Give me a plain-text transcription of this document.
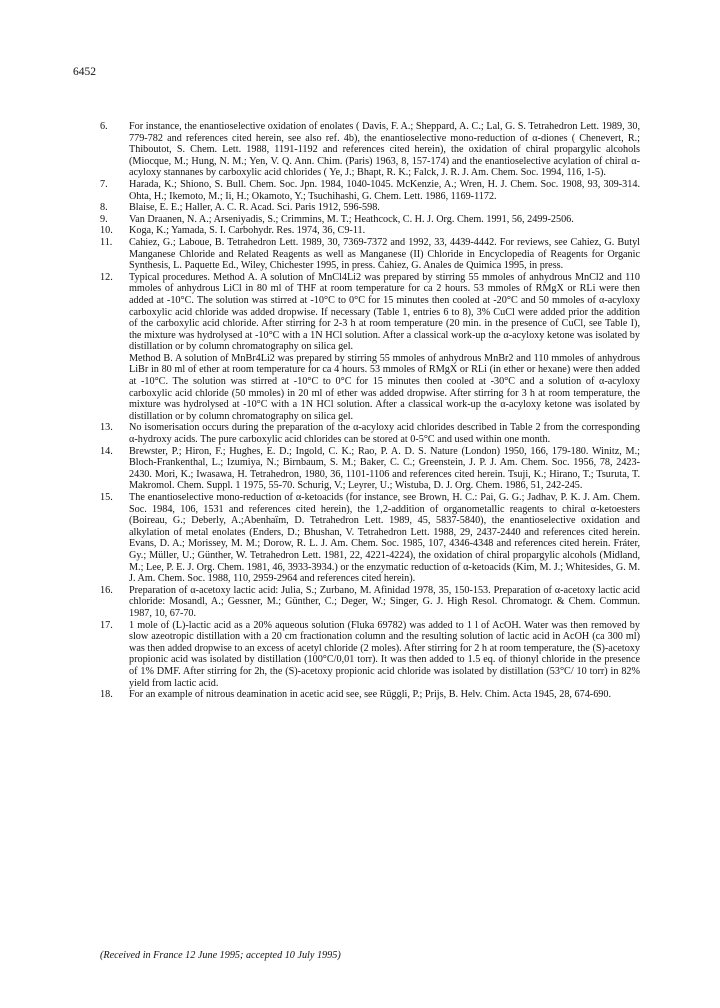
6452
6.	For instance, the enantioselective oxidation of enolates ( Davis, F. A.; Sheppard, A. C.; Lal, G. S. Tetrahedron Lett. 1989, 30, 779-782 and references cited herein, see also ref. 4b), the enantioselective mono-reduction of α-diones ( Chenevert, R.; Thiboutot, S. Chem. Lett. 1988, 1191-1192 and references cited herein), the oxidation of chiral propargylic alcohols (Miocque, M.; Hung, N. M.; Yen, V. Q. Ann. Chim. (Paris) 1963, 8, 157-174) and the enantioselective acylation of chiral α-acyloxy stannanes by carboxylic acid chlorides ( Ye, J.; Bhapt, R. K.; Falck, J. R. J. Am. Chem. Soc. 1994, 116, 1-5).

7.	Harada, K.; Shiono, S. Bull. Chem. Soc. Jpn. 1984, 1040-1045. McKenzie, A.; Wren, H. J. Chem. Soc. 1908, 93, 309-314. Ohta, H.; Ikemoto, M.; Ii, H.; Okamoto, Y.; Tsuchihashi, G. Chem. Lett. 1986, 1169-1172.

8.	Blaise, E. E.; Haller, A. C. R. Acad. Sci. Paris 1912, 596-598.

9.	Van Draanen, N. A.; Arseniyadis, S.; Crimmins, M. T.; Heathcock, C. H. J. Org. Chem. 1991, 56, 2499-2506.

10.	Koga, K.; Yamada, S. I. Carbohydr. Res. 1974, 36, C9-11.

11.	Cahiez, G.; Laboue, B. Tetrahedron Lett. 1989, 30, 7369-7372 and 1992, 33, 4439-4442. For reviews, see Cahiez, G. Butyl Manganese Chloride and Related Reagents as well as Manganese (II) Chloride in Encyclopedia of Reagents for Organic Synthesis, L. Paquette Ed., Wiley, Chichester 1995, in press. Cahiez, G. Anales de Quimica 1995, in press.

12.	Typical procedures. Method A. A solution of MnCl4Li2 was prepared by stirring 55 mmoles of anhydrous MnCl2 and 110 mmoles of anhydrous LiCl in 80 ml of THF at room temperature for ca 2 hours. 53 mmoles of RMgX or RLi were then added at -10°C. The solution was stirred at -10°C to 0°C for 15 minutes then cooled at -20°C and 50 mmoles of α-acyloxy carboxylic acid chloride was added dropwise. If necessary (Table 1, entries 6 to 8), 3% CuCl were added prior the addition of the carboxylic acid chloride. After stirring for 2-3 h at room temperature (20 min. in the presence of CuCl, see Table I), the mixture was hydrolysed at -10°C with a 1N HCl solution. After a classical work-up the α-acyloxy ketone was isolated by distillation or by column chromatography on silica gel.

Method B. A solution of MnBr4Li2 was prepared by stirring 55 mmoles of anhydrous MnBr2 and 110 mmoles of anhydrous LiBr in 80 ml of ether at room temperature for ca 4 hours. 53 mmoles of RMgX or RLi (in ether or hexane) were then added at -10°C. The solution was stirred at -10°C to 0°C for 15 minutes then cooled at -30°C and a solution of α-acyloxy carboxylic acid chloride (50 mmoles) in 20 ml of ether was added dropwise. After stirring for 3 h at room temperature, the mixture was hydrolysed at -10°C with a 1N HCl solution. After a classical work-up the α-acyloxy ketone was isolated by distillation or by column chromatography on silica gel.

13.	No isomerisation occurs during the preparation of the α-acyloxy acid chlorides described in Table 2 from the corresponding α-hydroxy acids. The pure carboxylic acid chlorides can be stored at 0-5°C and used within one month.

14.	Brewster, P.; Hiron, F.; Hughes, E. D.; Ingold, C. K.; Rao, P. A. D. S. Nature (London) 1950, 166, 179-180. Winitz, M.; Bloch-Frankenthal, L.; Izumiya, N.; Birnbaum, S. M.; Baker, C. C.; Greenstein, J. P. J. Am. Chem. Soc. 1956, 78, 2423-2430. Mori, K.; Iwasawa, H. Tetrahedron, 1980, 36, 1101-1106 and references cited herein. Tsuji, K.; Hirano, T.; Tsuruta, T. Makromol. Chem. Suppl. 1 1975, 55-70. Schurig, V.; Leyrer, U.; Wistuba, D. J. Org. Chem. 1986, 51, 242-245.

15.	The enantioselective mono-reduction of α-ketoacids (for instance, see Brown, H. C.: Pai, G. G.; Jadhav, P. K. J. Am. Chem. Soc. 1984, 106, 1531 and references cited herein), the 1,2-addition of organometallic reagents to chiral α-ketoesters (Boireau, G.; Deberly, A.;Abenhaïm, D. Tetrahedron Lett. 1989, 45, 5837-5840), the enantioselective oxidation and alkylation of metal enolates (Enders, D.; Bhushan, V. Tetrahedron Lett. 1988, 29, 2437-2440 and references cited herein. Evans, D. A.; Morissey, M. M.; Dorow, R. L. J. Am. Chem. Soc. 1985, 107, 4346-4348 and references cited herein. Fráter, Gy.; Müller, U.; Günther, W. Tetrahedron Lett. 1981, 22, 4221-4224), the oxidation of chiral propargylic alcohols (Midland, M.; Lee, P. E. J. Org. Chem. 1981, 46, 3933-3934.) or the enzymatic reduction of α-ketoacids (Kim, M. J.; Whitesides, G. M. J. Am. Chem. Soc. 1988, 110, 2959-2964 and references cited herein).

16.	Preparation of α-acetoxy lactic acid: Julia, S.; Zurbano, M. Afinidad 1978, 35, 150-153. Preparation of α-acetoxy lactic acid chloride: Mosandl, A.; Gessner, M.; Günther, C.; Deger, W.; Singer, G. J. High Resol. Chromatogr. & Chem. Commun. 1987, 10, 67-70.

17.	1 mole of (L)-lactic acid as a 20% aqueous solution (Fluka 69782) was added to 1 l of AcOH. Water was then removed by slow azeotropic distillation with a 20 cm fractionation column and the resulting solution of lactic acid in AcOH (ca 300 ml) was then added dropwise to an excess of acetyl chloride (2 moles). After stirring for 2 h at room temperature, the (S)-acetoxy propionic acid was isolated by distillation (100°C/0,01 torr). It was then added to 1.5 eq. of thionyl chloride in the presence of 1% DMF. After stirring for 2h, the (S)-acetoxy propionic acid chloride was isolated by distillation (53°C/ 10 torr) in 82% yield from lactic acid.

18.	For an example of nitrous deamination in acetic acid see, see Rüggli, P.; Prijs, B. Helv. Chim. Acta 1945, 28, 674-690.

(Received in France 12 June 1995; accepted 10 July 1995)
